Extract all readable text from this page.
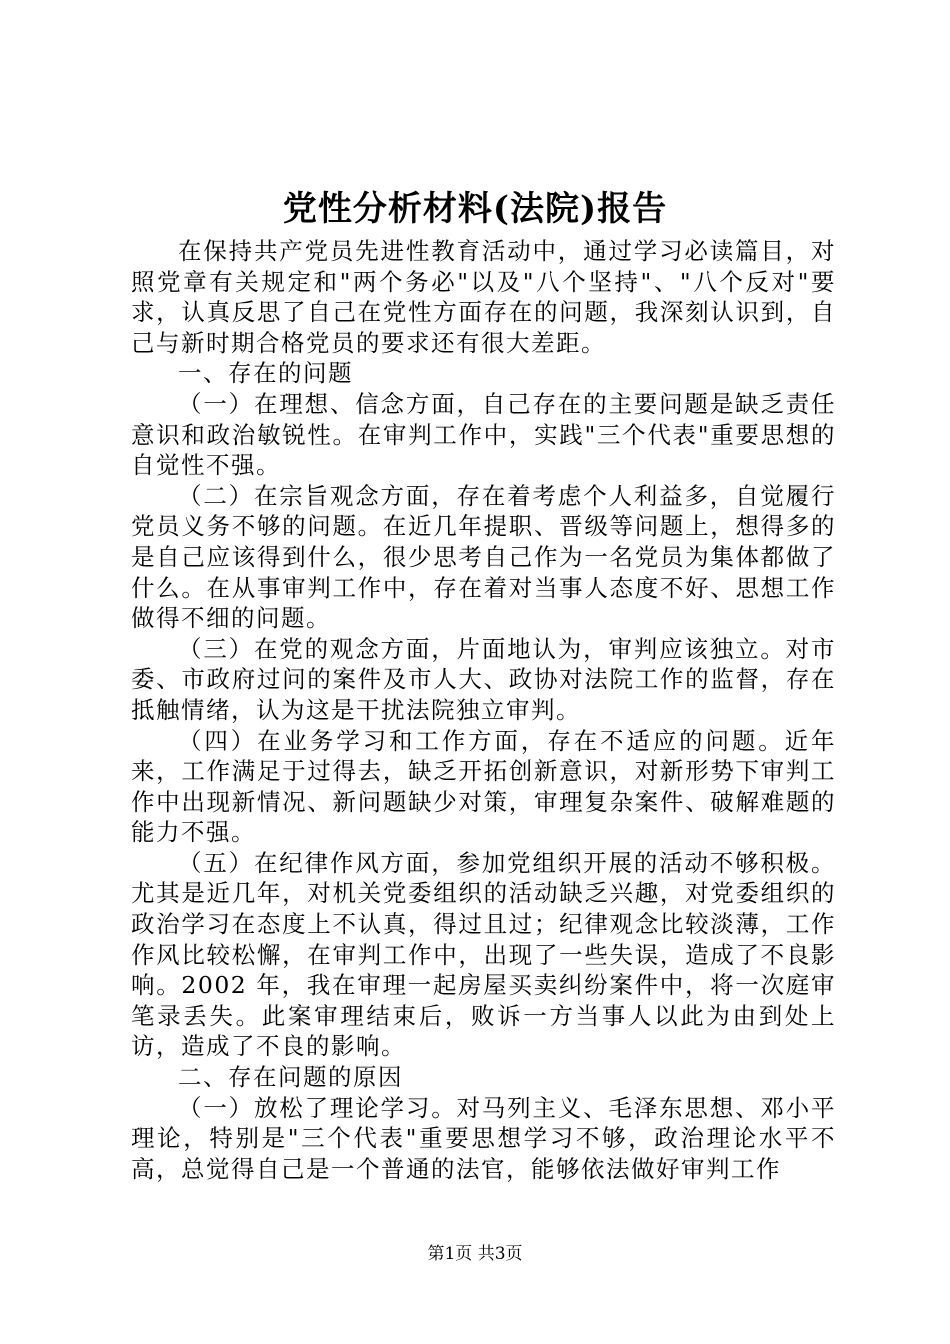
党性分析材料(法院)报告

在保持共产党员先进性教育活动中，通过学习必读篇目，对照党章有关规定和"两个务必"以及"八个坚持"、"八个反对"要求，认真反思了自己在党性方面存在的问题，我深刻认识到，自己与新时期合格党员的要求还有很大差距。

一、存在的问题

（一）在理想、信念方面，自己存在的主要问题是缺乏责任意识和政治敏锐性。在审判工作中，实践"三个代表"重要思想的自觉性不强。

（二）在宗旨观念方面，存在着考虑个人利益多，自觉履行党员义务不够的问题。在近几年提职、晋级等问题上，想得多的是自己应该得到什么，很少思考自己作为一名党员为集体都做了什么。在从事审判工作中，存在着对当事人态度不好、思想工作做得不细的问题。

（三）在党的观念方面，片面地认为，审判应该独立。对市委、市政府过问的案件及市人大、政协对法院工作的监督，存在抵触情绪，认为这是干扰法院独立审判。

（四）在业务学习和工作方面，存在不适应的问题。近年来，工作满足于过得去，缺乏开拓创新意识，对新形势下审判工作中出现新情况、新问题缺少对策，审理复杂案件、破解难题的能力不强。

（五）在纪律作风方面，参加党组织开展的活动不够积极。尤其是近几年，对机关党委组织的活动缺乏兴趣，对党委组织的政治学习在态度上不认真，得过且过；纪律观念比较淡薄，工作作风比较松懈，在审判工作中，出现了一些失误，造成了不良影响。2002 年，我在审理一起房屋买卖纠纷案件中，将一次庭审笔录丢失。此案审理结束后，败诉一方当事人以此为由到处上访，造成了不良的影响。

二、存在问题的原因

（一）放松了理论学习。对马列主义、毛泽东思想、邓小平理论，特别是"三个代表"重要思想学习不够，政治理论水平不高，总觉得自己是一个普通的法官，能够依法做好审判工作

第1页 共3页
